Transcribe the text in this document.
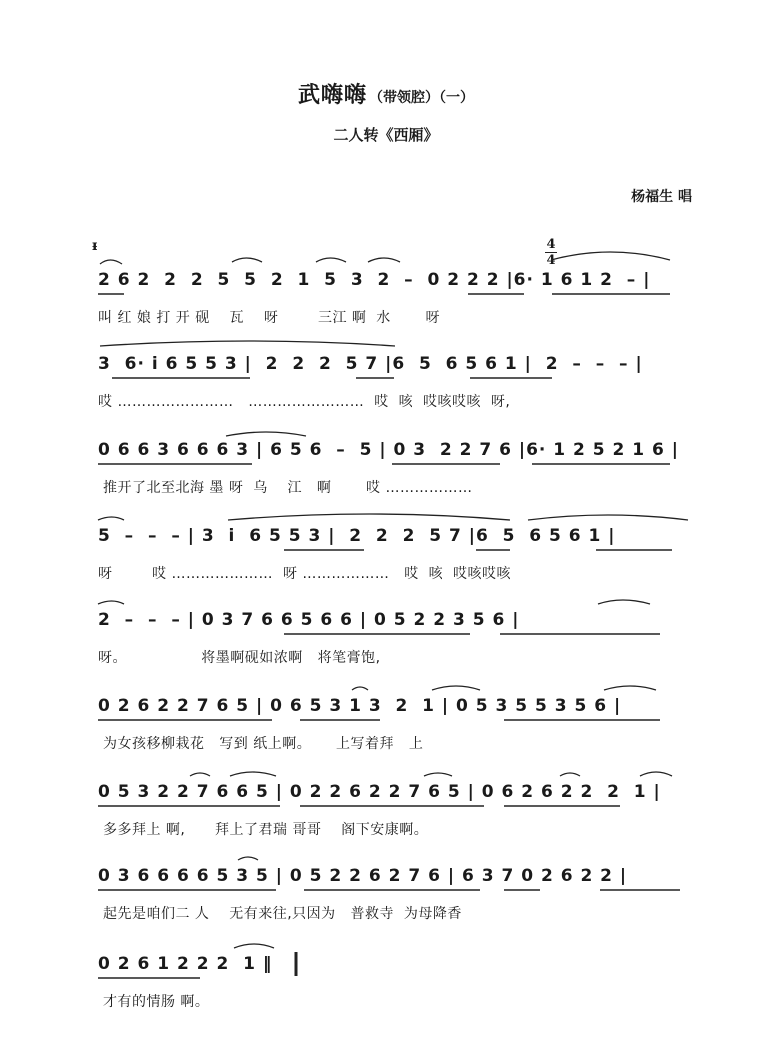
武嗨嗨 （带领腔）（一）
二人转《西厢》
杨福生 唱
ᵻ	4
4
2 6 2  2  2  5  5  2  1  5  3  2  –  0 2 2 2 |6· 1 6 1 2  – |
叫 红 娘 打 开 砚    瓦    呀        三江 啊  水       呀
3  6· i 6 5 5 3 |  2  2  2  5 7 |6  5  6 5 6 1 |  2  –  –  – |
哎 ……………………   ……………………  哎  咳  哎咳哎咳  呀,
0 6 6 3 6 6 6 3 | 6 5 6  –  5 | 0 3  2 2 7 6 |6· 1 2 5 2 1 6 |
推开了北至北海 墨 呀  乌    江   啊       哎 ………………
5  –  –  – | 3  i  6 5 5 3 |  2  2  2  5 7 |6  5  6 5 6 1 |
呀        哎 …………………  呀 ………………   哎  咳  哎咳哎咳
2  –  –  – | 0 3 7 6 6 5 6 6 | 0 5 2 2 3 5 6 |
呀。               将墨啊砚如浓啊   将笔膏饱,
0 2 6 2 2 7 6 5 | 0 6 5 3 1 3  2  1 | 0 5 3 5 5 3 5 6 |
为女孩移柳栽花   写到 纸上啊。     上写着拜   上
0 5 3 2 2 7 6 6 5 | 0 2 2 6 2 2 7 6 5 | 0 6 2 6 2 2  2  1 |
多多拜上 啊,      拜上了君瑞 哥哥    阁下安康啊。
0 3 6 6 6 6 5 3 5 | 0 5 2 2 6 2 7 6 | 6 3 7 0 2 6 2 2 |
起先是咱们二 人    无有来往,只因为   普救寺  为母降香
0 2 6 1 2 2 2  1 ‖
才有的情肠 啊。
